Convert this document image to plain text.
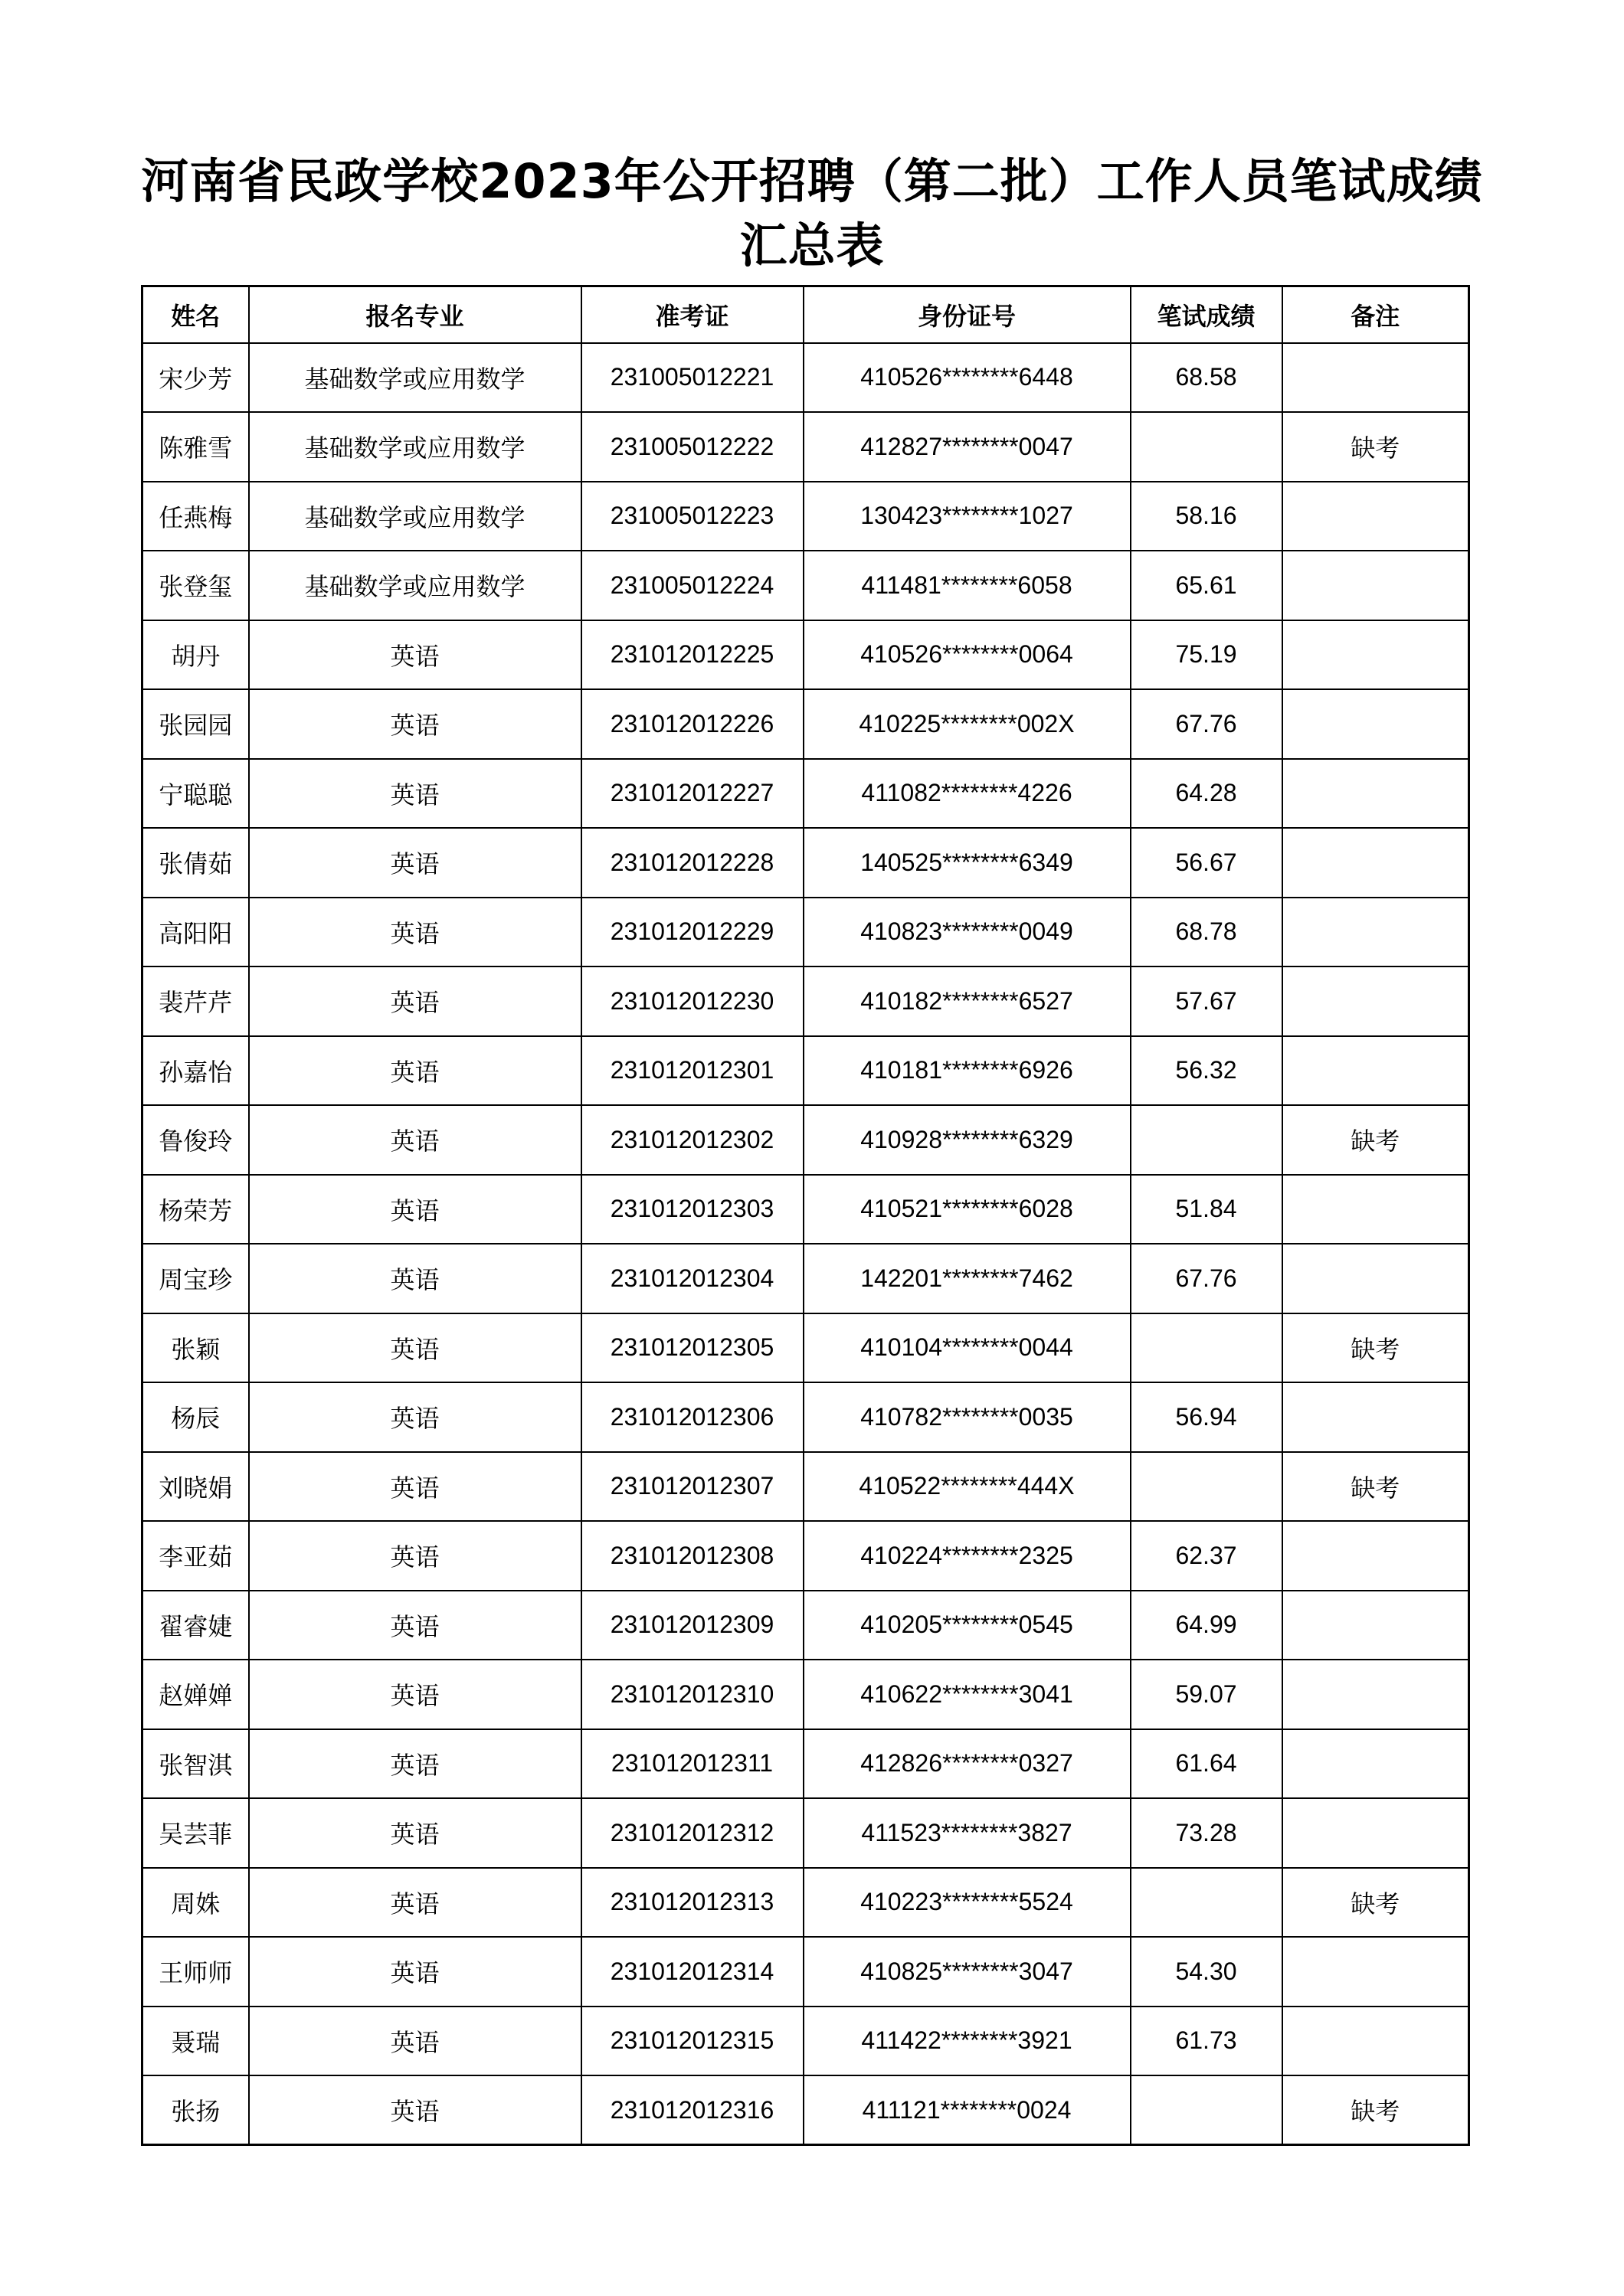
河南省民政学校2023年公开招聘（第二批）工作人员笔试成绩
汇总表
姓名	报名专业	准考证	身份证号	笔试成绩	备注
宋少芳	基础数学或应用数学	231005012221	410526********6448	68.58	
陈雅雪	基础数学或应用数学	231005012222	412827********0047		缺考
任燕梅	基础数学或应用数学	231005012223	130423********1027	58.16	
张登玺	基础数学或应用数学	231005012224	411481********6058	65.61	
胡丹	英语	231012012225	410526********0064	75.19	
张园园	英语	231012012226	410225********002X	67.76	
宁聪聪	英语	231012012227	411082********4226	64.28	
张倩茹	英语	231012012228	140525********6349	56.67	
高阳阳	英语	231012012229	410823********0049	68.78	
裴芹芹	英语	231012012230	410182********6527	57.67	
孙嘉怡	英语	231012012301	410181********6926	56.32	
鲁俊玲	英语	231012012302	410928********6329		缺考
杨荣芳	英语	231012012303	410521********6028	51.84	
周宝珍	英语	231012012304	142201********7462	67.76	
张颖	英语	231012012305	410104********0044		缺考
杨辰	英语	231012012306	410782********0035	56.94	
刘晓娟	英语	231012012307	410522********444X		缺考
李亚茹	英语	231012012308	410224********2325	62.37	
翟睿婕	英语	231012012309	410205********0545	64.99	
赵婵婵	英语	231012012310	410622********3041	59.07	
张智淇	英语	231012012311	412826********0327	61.64	
吴芸菲	英语	231012012312	411523********3827	73.28	
周姝	英语	231012012313	410223********5524		缺考
王师师	英语	231012012314	410825********3047	54.30	
聂瑞	英语	231012012315	411422********3921	61.73	
张扬	英语	231012012316	411121********0024		缺考
